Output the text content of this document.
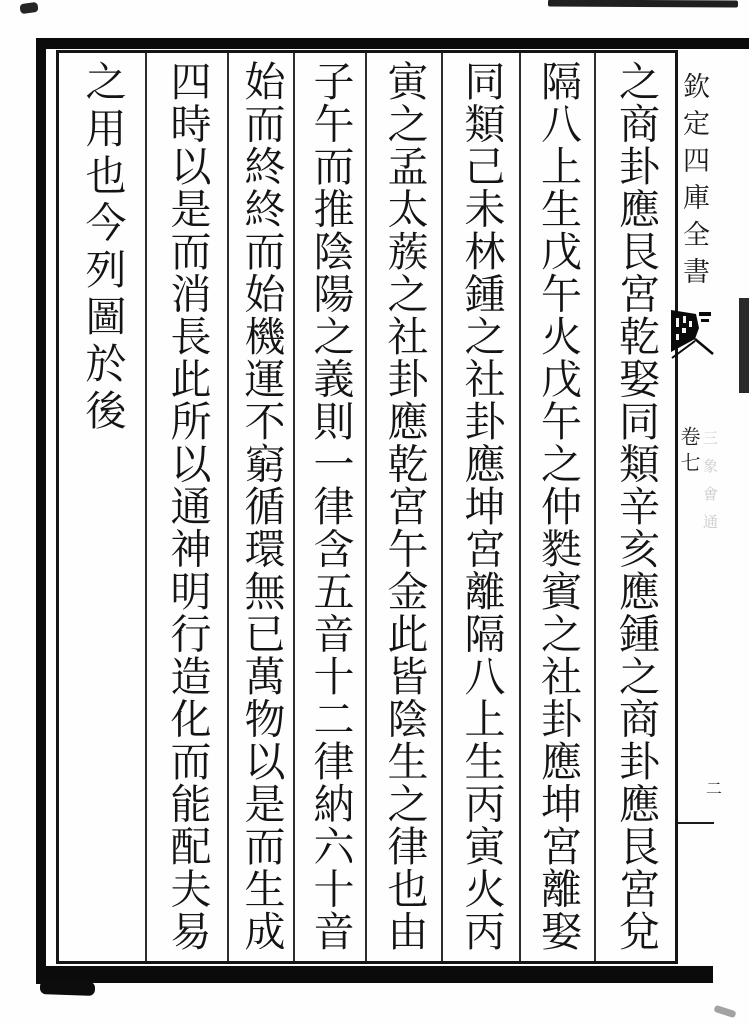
之商卦應艮宮乾娶同類辛亥應鍾之商卦應艮宮兌
隔八上生戊午火戊午之仲㽔賓之社卦應坤宮離娶
同類己未林鍾之社卦應坤宮離隔八上生丙寅火丙
寅之孟太蔟之社卦應乾宮午金此皆陰生之律也由
子午而推陰陽之義則一律含五音十二律納六十音
始而終終而始機運不窮循環無已萬物以是而生成
四時以是而消長此所以通神明行造化而能配夫易
之用也今列圖於後	欽定四庫全書
卷七 三象㑹通
二
